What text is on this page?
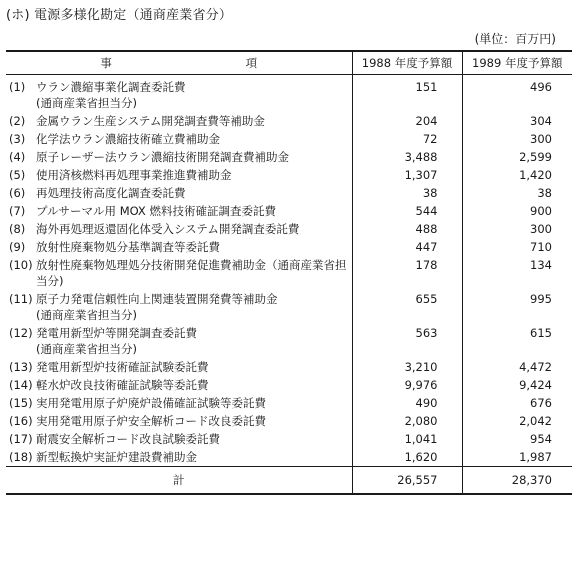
(ホ) 電源多様化勘定（通商産業省分）
(単位：百万円)
事 項		1988 年度予算額	1989 年度予算額
(1)	ウラン濃縮事業化調査委託費
(通商産業省担当分)	151	496
(2)	金属ウラン生産システム開発調査費等補助金	204	304
(3)	化学法ウラン濃縮技術確立費補助金	72	300
(4)	原子レーザー法ウラン濃縮技術開発調査費補助金	3,488	2,599
(5)	使用済核燃料再処理事業推進費補助金	1,307	1,420
(6)	再処理技術高度化調査委託費	38	38
(7)	プルサーマル用 MOX 燃料技術確証調査委託費	544	900
(8)	海外再処理返還固化体受入システム開発調査委託費	488	300
(9)	放射性廃棄物処分基準調査等委託費	447	710
(10)	放射性廃棄物処理処分技術開発促進費補助金（通商産業省担当分)	178	134
(11)	原子力発電信頼性向上関連装置開発費等補助金
(通商産業省担当分)	655	995
(12)	発電用新型炉等開発調査委託費
(通商産業省担当分)	563	615
(13)	発電用新型炉技術確証試験委託費	3,210	4,472
(14)	軽水炉改良技術確証試験等委託費	9,976	9,424
(15)	実用発電用原子炉廃炉設備確証試験等委託費	490	676
(16)	実用発電用原子炉安全解析コード改良委託費	2,080	2,042
(17)	耐震安全解析コード改良試験委託費	1,041	954
(18)	新型転換炉実証炉建設費補助金	1,620	1,987
計		26,557	28,370
